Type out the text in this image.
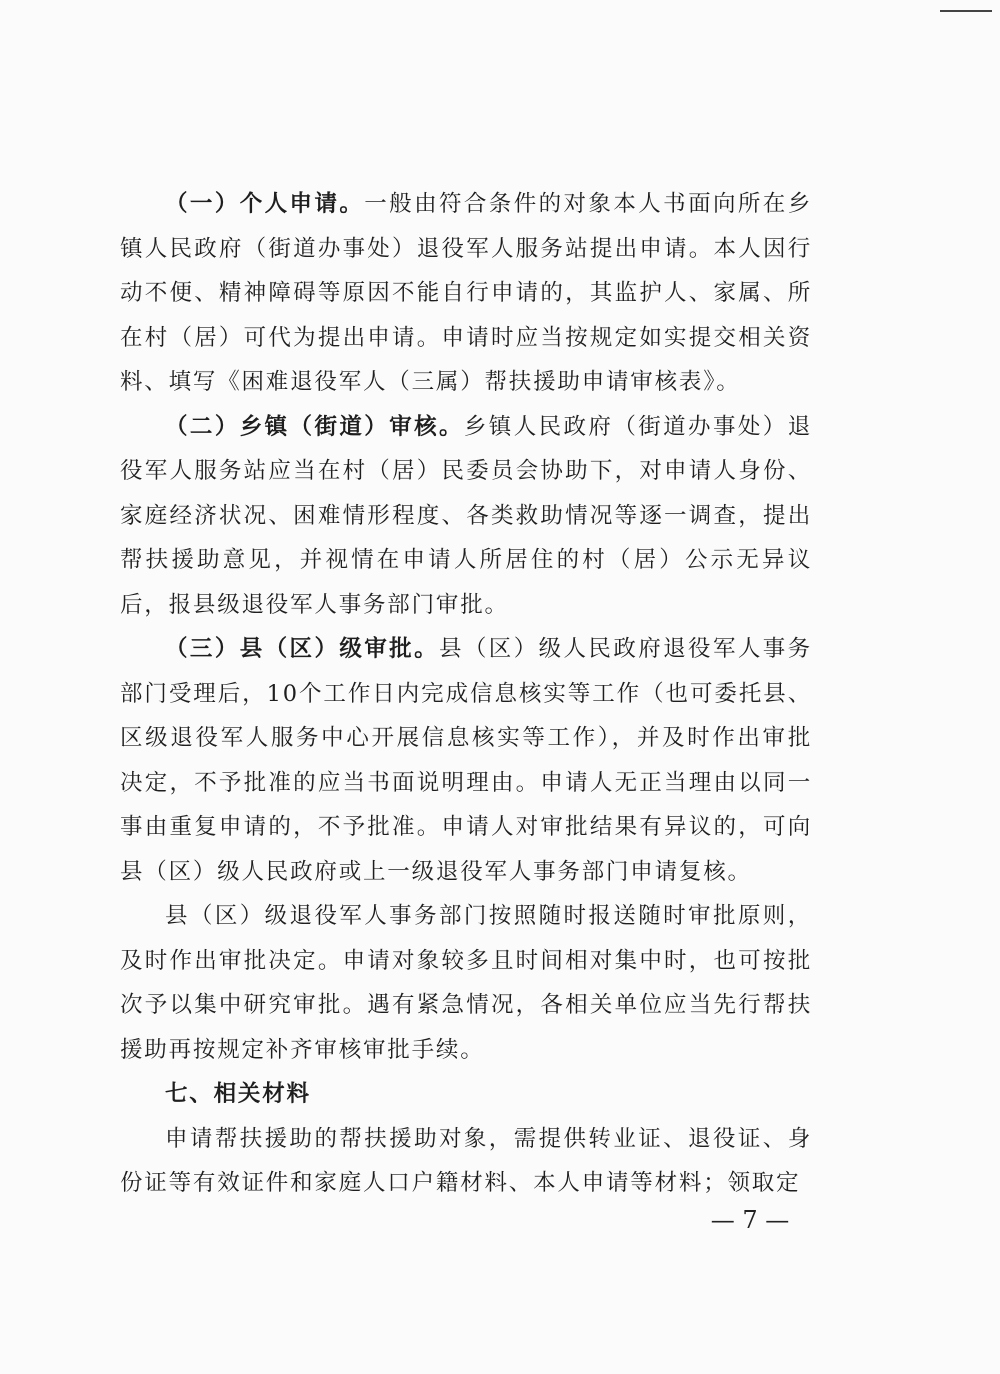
（一）个人申请。一般由符合条件的对象本人书面向所在乡镇人民政府（街道办事处）退役军人服务站提出申请。本人因行动不便、精神障碍等原因不能自行申请的，其监护人、家属、所在村（居）可代为提出申请。申请时应当按规定如实提交相关资料、填写《困难退役军人（三属）帮扶援助申请审核表》。

（二）乡镇（街道）审核。乡镇人民政府（街道办事处）退役军人服务站应当在村（居）民委员会协助下，对申请人身份、家庭经济状况、困难情形程度、各类救助情况等逐一调查，提出帮扶援助意见，并视情在申请人所居住的村（居）公示无异议后，报县级退役军人事务部门审批。

（三）县（区）级审批。县（区）级人民政府退役军人事务部门受理后，10个工作日内完成信息核实等工作（也可委托县、区级退役军人服务中心开展信息核实等工作），并及时作出审批决定，不予批准的应当书面说明理由。申请人无正当理由以同一事由重复申请的，不予批准。申请人对审批结果有异议的，可向县（区）级人民政府或上一级退役军人事务部门申请复核。

县（区）级退役军人事务部门按照随时报送随时审批原则，及时作出审批决定。申请对象较多且时间相对集中时，也可按批次予以集中研究审批。遇有紧急情况，各相关单位应当先行帮扶援助再按规定补齐审核审批手续。

七、相关材料

申请帮扶援助的帮扶援助对象，需提供转业证、退役证、身份证等有效证件和家庭人口户籍材料、本人申请等材料；领取定

— 7 —
